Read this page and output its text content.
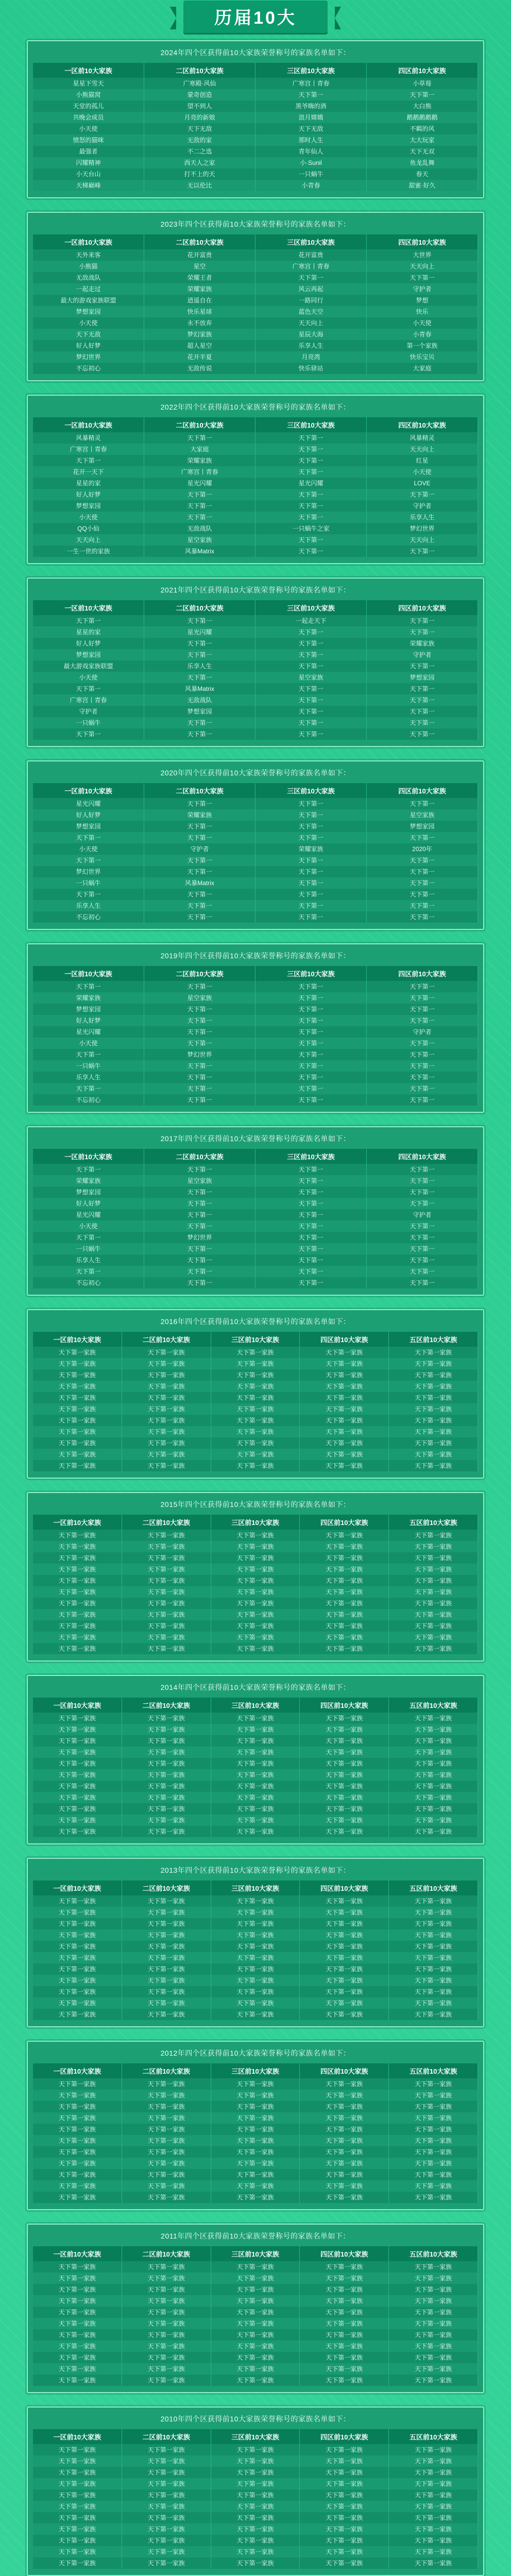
历届10大
2024年四个区获得前10大家族荣誉称号的家族名单如下：
一区前10大家族	二区前10大家族	三区前10大家族	四区前10大家族
星星下雪天	广寒殿·风仙	广寒宫丨青春	小草莓
小熊猫窝	蒙奇创造	天下第一	天下第一
天堂的孤儿	望不到人	黑爷嗨的酒	大白熊
共晚会成员	月亮的新娘	浪月嫦娥	鹅鹅鹅鹅鹅
小天使	天下无敌	天下无敌	不羁的风
愤怒的猫咪	无敌的家	那时人生	大大玩家
最强者	不二之选	青年仙人	天下无双
闪耀精神	西天人之家	小·Sunil	鱼龙乱舞
小天台山	打不上的天	一只蜗牛	春天
天梯巅峰	无以伦比	小青春	甜蜜·好久
2023年四个区获得前10大家族荣誉称号的家族名单如下：
一区前10大家族	二区前10大家族	三区前10大家族	四区前10大家族
天外来客	花开富贵	花开富贵	大世界
小熊猫	星空	广寒宫丨青春	天天向上
无敌战队	荣耀王者	天下第一	天下第一
一起走过	荣耀家族	风云再起	守护者
最大的游戏家族联盟	逍遥自在	一路同行	梦想
梦想家园	快乐星球	蓝色天空	快乐
小天使	永不放弃	天天向上	小天使
天下无敌	梦幻家族	星辰大海	小青春
好人好梦	超人星空	乐享人生	第一个家族
梦幻世界	花开半夏	月亮湾	快乐宝贝
不忘初心	无敌传说	快乐驿站	大家庭
2022年四个区获得前10大家族荣誉称号的家族名单如下：
一区前10大家族	二区前10大家族	三区前10大家族	四区前10大家族
风暴精灵	天下第一	天下第一	风暴精灵
广寒宫丨青春	大家庭	天下第一	天天向上
天下第一	荣耀家族	天下第一	红星
花开一天下	广寒宫丨青春	天下第一	小天使
星星的家	星光闪耀	星光闪耀	LOVE
好人好梦	天下第一	天下第一	天下第一
梦想家园	天下第一	天下第一	守护者
小天使	天下第一	天下第一	乐享人生
QQ小仙	无敌战队	一只蜗牛之家	梦幻世界
天天向上	星空家族	天下第一	天天向上
一生一世的家族	风暴Matrix	天下第一	天下第一
2021年四个区获得前10大家族荣誉称号的家族名单如下：
一区前10大家族	二区前10大家族	三区前10大家族	四区前10大家族
天下第一	天下第一	一起走天下	天下第一
星星的家	星光闪耀	天下第一	天下第一
好人好梦	天下第一	天下第一	荣耀家族
梦想家园	天下第一	天下第一	守护者
最大游戏家族联盟	乐享人生	天下第一	天下第一
小天使	天下第一	星空家族	梦想家园
天下第一	风暴Matrix	天下第一	天下第一
广寒宫丨青春	无敌战队	天下第一	天下第一
守护者	梦想家园	天下第一	天下第一
一只蜗牛	天下第一	天下第一	天下第一
天下第一	天下第一	天下第一	天下第一
2020年四个区获得前10大家族荣誉称号的家族名单如下：
一区前10大家族	二区前10大家族	三区前10大家族	四区前10大家族
星光闪耀	天下第一	天下第一	天下第一
好人好梦	荣耀家族	天下第一	星空家族
梦想家园	天下第一	天下第一	梦想家园
天下第一	天下第一	天下第一	天下第一
小天使	守护者	荣耀家族	2020年
天下第一	天下第一	天下第一	天下第一
梦幻世界	天下第一	天下第一	天下第一
一只蜗牛	风暴Matrix	天下第一	天下第一
天下第一	天下第一	天下第一	天下第一
乐享人生	天下第一	天下第一	天下第一
不忘初心	天下第一	天下第一	天下第一
2019年四个区获得前10大家族荣誉称号的家族名单如下：
一区前10大家族	二区前10大家族	三区前10大家族	四区前10大家族
天下第一	天下第一	天下第一	天下第一
荣耀家族	星空家族	天下第一	天下第一
梦想家园	天下第一	天下第一	天下第一
好人好梦	天下第一	天下第一	天下第一
星光闪耀	天下第一	天下第一	守护者
小天使	天下第一	天下第一	天下第一
天下第一	梦幻世界	天下第一	天下第一
一只蜗牛	天下第一	天下第一	天下第一
乐享人生	天下第一	天下第一	天下第一
天下第一	天下第一	天下第一	天下第一
不忘初心	天下第一	天下第一	天下第一
2017年四个区获得前10大家族荣誉称号的家族名单如下：
一区前10大家族	二区前10大家族	三区前10大家族	四区前10大家族
天下第一	天下第一	天下第一	天下第一
荣耀家族	星空家族	天下第一	天下第一
梦想家园	天下第一	天下第一	天下第一
好人好梦	天下第一	天下第一	天下第一
星光闪耀	天下第一	天下第一	守护者
小天使	天下第一	天下第一	天下第一
天下第一	梦幻世界	天下第一	天下第一
一只蜗牛	天下第一	天下第一	天下第一
乐享人生	天下第一	天下第一	天下第一
天下第一	天下第一	天下第一	天下第一
不忘初心	天下第一	天下第一	天下第一
2016年四个区获得前10大家族荣誉称号的家族名单如下：
一区前10大家族	二区前10大家族	三区前10大家族	四区前10大家族	五区前10大家族
天下第一家族	天下第一家族	天下第一家族	天下第一家族	天下第一家族
天下第一家族	天下第一家族	天下第一家族	天下第一家族	天下第一家族
天下第一家族	天下第一家族	天下第一家族	天下第一家族	天下第一家族
天下第一家族	天下第一家族	天下第一家族	天下第一家族	天下第一家族
天下第一家族	天下第一家族	天下第一家族	天下第一家族	天下第一家族
天下第一家族	天下第一家族	天下第一家族	天下第一家族	天下第一家族
天下第一家族	天下第一家族	天下第一家族	天下第一家族	天下第一家族
天下第一家族	天下第一家族	天下第一家族	天下第一家族	天下第一家族
天下第一家族	天下第一家族	天下第一家族	天下第一家族	天下第一家族
天下第一家族	天下第一家族	天下第一家族	天下第一家族	天下第一家族
天下第一家族	天下第一家族	天下第一家族	天下第一家族	天下第一家族
2015年四个区获得前10大家族荣誉称号的家族名单如下：
一区前10大家族	二区前10大家族	三区前10大家族	四区前10大家族	五区前10大家族
天下第一家族	天下第一家族	天下第一家族	天下第一家族	天下第一家族
天下第一家族	天下第一家族	天下第一家族	天下第一家族	天下第一家族
天下第一家族	天下第一家族	天下第一家族	天下第一家族	天下第一家族
天下第一家族	天下第一家族	天下第一家族	天下第一家族	天下第一家族
天下第一家族	天下第一家族	天下第一家族	天下第一家族	天下第一家族
天下第一家族	天下第一家族	天下第一家族	天下第一家族	天下第一家族
天下第一家族	天下第一家族	天下第一家族	天下第一家族	天下第一家族
天下第一家族	天下第一家族	天下第一家族	天下第一家族	天下第一家族
天下第一家族	天下第一家族	天下第一家族	天下第一家族	天下第一家族
天下第一家族	天下第一家族	天下第一家族	天下第一家族	天下第一家族
天下第一家族	天下第一家族	天下第一家族	天下第一家族	天下第一家族
2014年四个区获得前10大家族荣誉称号的家族名单如下：
一区前10大家族	二区前10大家族	三区前10大家族	四区前10大家族	五区前10大家族
天下第一家族	天下第一家族	天下第一家族	天下第一家族	天下第一家族
天下第一家族	天下第一家族	天下第一家族	天下第一家族	天下第一家族
天下第一家族	天下第一家族	天下第一家族	天下第一家族	天下第一家族
天下第一家族	天下第一家族	天下第一家族	天下第一家族	天下第一家族
天下第一家族	天下第一家族	天下第一家族	天下第一家族	天下第一家族
天下第一家族	天下第一家族	天下第一家族	天下第一家族	天下第一家族
天下第一家族	天下第一家族	天下第一家族	天下第一家族	天下第一家族
天下第一家族	天下第一家族	天下第一家族	天下第一家族	天下第一家族
天下第一家族	天下第一家族	天下第一家族	天下第一家族	天下第一家族
天下第一家族	天下第一家族	天下第一家族	天下第一家族	天下第一家族
天下第一家族	天下第一家族	天下第一家族	天下第一家族	天下第一家族
2013年四个区获得前10大家族荣誉称号的家族名单如下：
一区前10大家族	二区前10大家族	三区前10大家族	四区前10大家族	五区前10大家族
天下第一家族	天下第一家族	天下第一家族	天下第一家族	天下第一家族
天下第一家族	天下第一家族	天下第一家族	天下第一家族	天下第一家族
天下第一家族	天下第一家族	天下第一家族	天下第一家族	天下第一家族
天下第一家族	天下第一家族	天下第一家族	天下第一家族	天下第一家族
天下第一家族	天下第一家族	天下第一家族	天下第一家族	天下第一家族
天下第一家族	天下第一家族	天下第一家族	天下第一家族	天下第一家族
天下第一家族	天下第一家族	天下第一家族	天下第一家族	天下第一家族
天下第一家族	天下第一家族	天下第一家族	天下第一家族	天下第一家族
天下第一家族	天下第一家族	天下第一家族	天下第一家族	天下第一家族
天下第一家族	天下第一家族	天下第一家族	天下第一家族	天下第一家族
天下第一家族	天下第一家族	天下第一家族	天下第一家族	天下第一家族
2012年四个区获得前10大家族荣誉称号的家族名单如下：
一区前10大家族	二区前10大家族	三区前10大家族	四区前10大家族	五区前10大家族
天下第一家族	天下第一家族	天下第一家族	天下第一家族	天下第一家族
天下第一家族	天下第一家族	天下第一家族	天下第一家族	天下第一家族
天下第一家族	天下第一家族	天下第一家族	天下第一家族	天下第一家族
天下第一家族	天下第一家族	天下第一家族	天下第一家族	天下第一家族
天下第一家族	天下第一家族	天下第一家族	天下第一家族	天下第一家族
天下第一家族	天下第一家族	天下第一家族	天下第一家族	天下第一家族
天下第一家族	天下第一家族	天下第一家族	天下第一家族	天下第一家族
天下第一家族	天下第一家族	天下第一家族	天下第一家族	天下第一家族
天下第一家族	天下第一家族	天下第一家族	天下第一家族	天下第一家族
天下第一家族	天下第一家族	天下第一家族	天下第一家族	天下第一家族
天下第一家族	天下第一家族	天下第一家族	天下第一家族	天下第一家族
2011年四个区获得前10大家族荣誉称号的家族名单如下：
一区前10大家族	二区前10大家族	三区前10大家族	四区前10大家族	五区前10大家族
天下第一家族	天下第一家族	天下第一家族	天下第一家族	天下第一家族
天下第一家族	天下第一家族	天下第一家族	天下第一家族	天下第一家族
天下第一家族	天下第一家族	天下第一家族	天下第一家族	天下第一家族
天下第一家族	天下第一家族	天下第一家族	天下第一家族	天下第一家族
天下第一家族	天下第一家族	天下第一家族	天下第一家族	天下第一家族
天下第一家族	天下第一家族	天下第一家族	天下第一家族	天下第一家族
天下第一家族	天下第一家族	天下第一家族	天下第一家族	天下第一家族
天下第一家族	天下第一家族	天下第一家族	天下第一家族	天下第一家族
天下第一家族	天下第一家族	天下第一家族	天下第一家族	天下第一家族
天下第一家族	天下第一家族	天下第一家族	天下第一家族	天下第一家族
天下第一家族	天下第一家族	天下第一家族	天下第一家族	天下第一家族
2010年四个区获得前10大家族荣誉称号的家族名单如下：
一区前10大家族	二区前10大家族	三区前10大家族	四区前10大家族	五区前10大家族
天下第一家族	天下第一家族	天下第一家族	天下第一家族	天下第一家族
天下第一家族	天下第一家族	天下第一家族	天下第一家族	天下第一家族
天下第一家族	天下第一家族	天下第一家族	天下第一家族	天下第一家族
天下第一家族	天下第一家族	天下第一家族	天下第一家族	天下第一家族
天下第一家族	天下第一家族	天下第一家族	天下第一家族	天下第一家族
天下第一家族	天下第一家族	天下第一家族	天下第一家族	天下第一家族
天下第一家族	天下第一家族	天下第一家族	天下第一家族	天下第一家族
天下第一家族	天下第一家族	天下第一家族	天下第一家族	天下第一家族
天下第一家族	天下第一家族	天下第一家族	天下第一家族	天下第一家族
天下第一家族	天下第一家族	天下第一家族	天下第一家族	天下第一家族
天下第一家族	天下第一家族	天下第一家族	天下第一家族	天下第一家族
